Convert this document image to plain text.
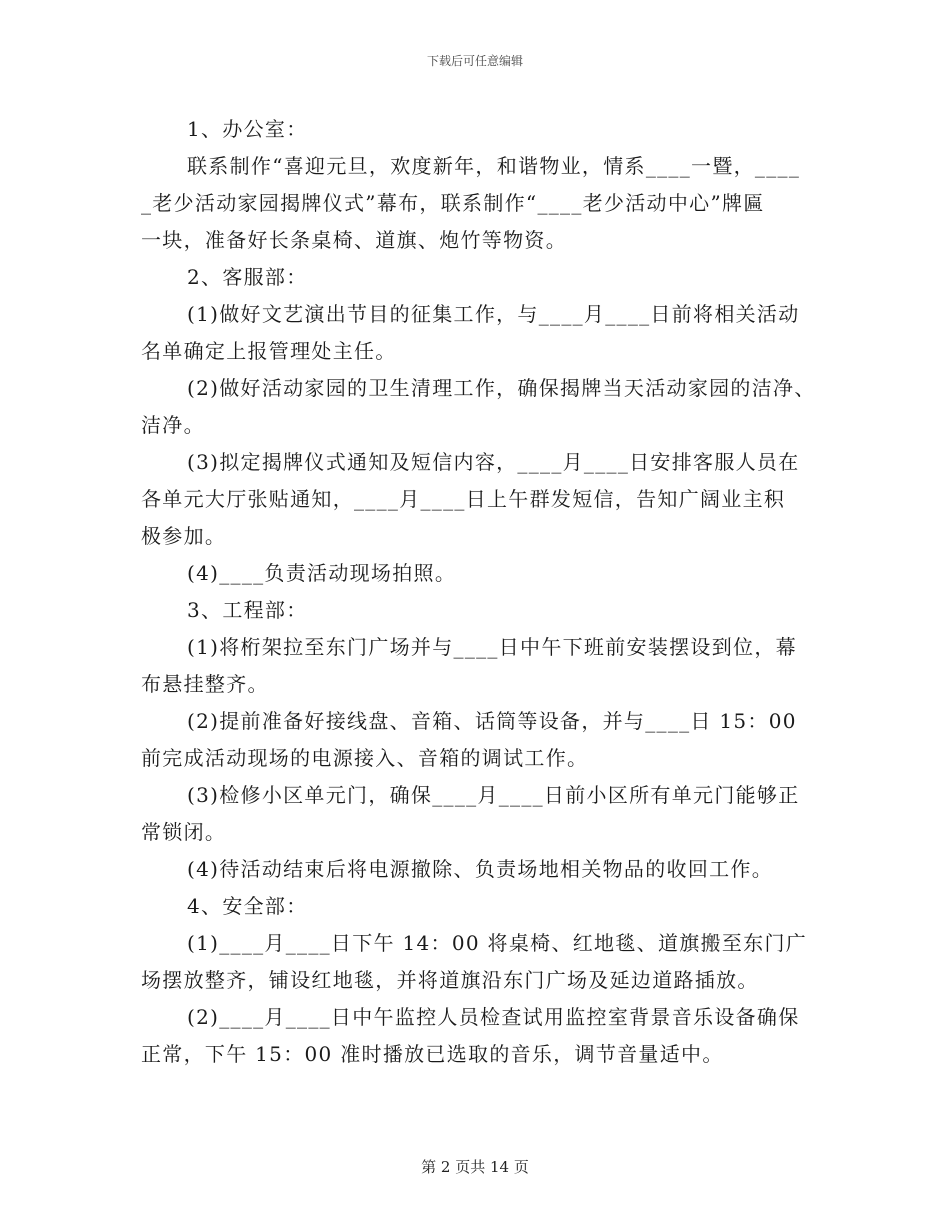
下载后可任意编辑
1、办公室：
联系制作“喜迎元旦，欢度新年，和谐物业，情系____一暨，____
_老少活动家园揭牌仪式”幕布，联系制作“____老少活动中心”牌匾
一块，准备好长条桌椅、道旗、炮竹等物资。
2、客服部：
(1)做好文艺演出节目的征集工作，与____月____日前将相关活动
名单确定上报管理处主任。
(2)做好活动家园的卫生清理工作，确保揭牌当天活动家园的洁净、
洁净。
(3)拟定揭牌仪式通知及短信内容，____月____日安排客服人员在
各单元大厅张贴通知，____月____日上午群发短信，告知广阔业主积
极参加。
(4)____负责活动现场拍照。
3、工程部：
(1)将桁架拉至东门广场并与____日中午下班前安装摆设到位，幕
布悬挂整齐。
(2)提前准备好接线盘、音箱、话筒等设备，并与____日 15：00
前完成活动现场的电源接入、音箱的调试工作。
(3)检修小区单元门，确保____月____日前小区所有单元门能够正
常锁闭。
(4)待活动结束后将电源撤除、负责场地相关物品的收回工作。
4、安全部：
(1)____月____日下午 14：00 将桌椅、红地毯、道旗搬至东门广
场摆放整齐，铺设红地毯，并将道旗沿东门广场及延边道路插放。
(2)____月____日中午监控人员检查试用监控室背景音乐设备确保
正常，下午 15：00 准时播放已选取的音乐，调节音量适中。
第 2 页共 14 页
